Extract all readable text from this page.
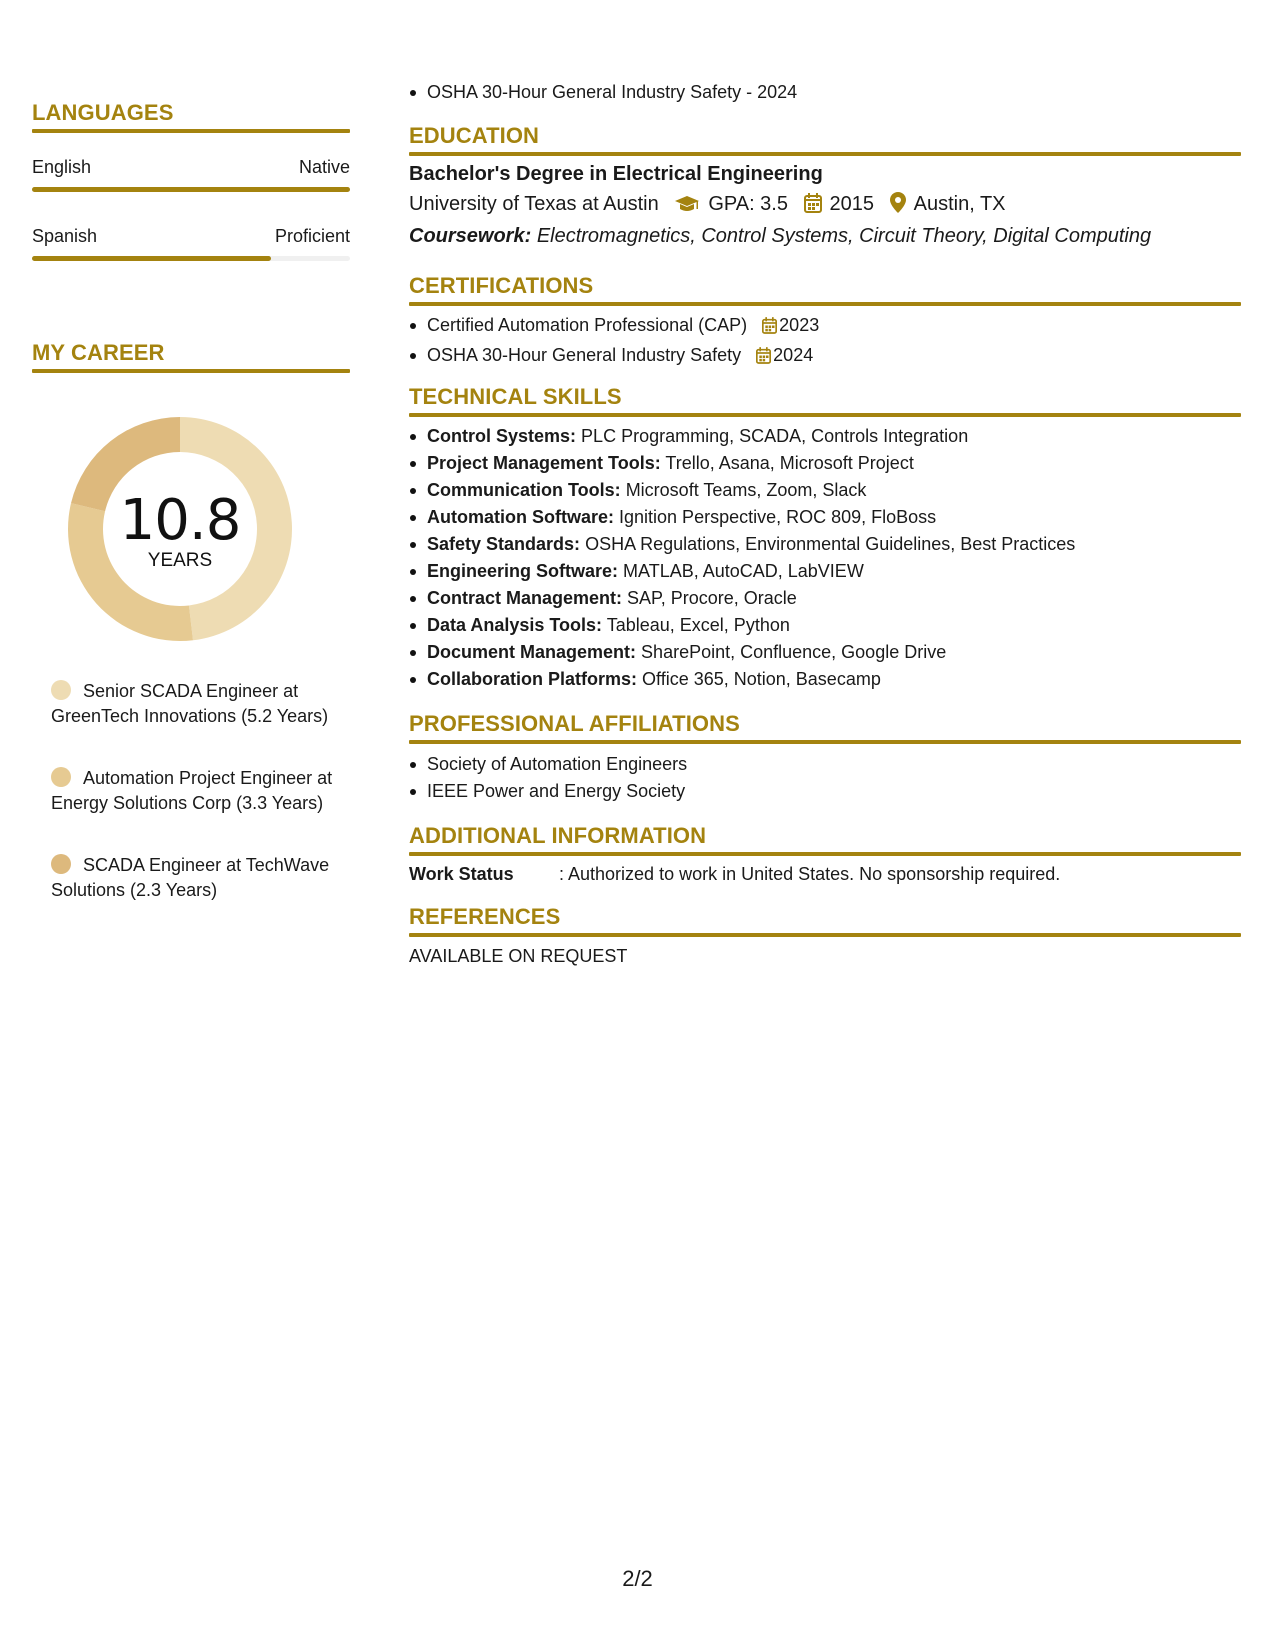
LANGUAGES
English	Native
Spanish	Proficient
MY CAREER
10.8
YEARS
Senior SCADA Engineer at GreenTech Innovations (5.2 Years)
Automation Project Engineer at Energy Solutions Corp (3.3 Years)
SCADA Engineer at TechWave Solutions (2.3 Years)
OSHA 30-Hour General Industry Safety - 2024
EDUCATION
Bachelor's Degree in Electrical Engineering
University of Texas at Austin GPA: 3.5 2015 Austin, TX
Coursework: Electromagnetics, Control Systems, Circuit Theory, Digital Computing
CERTIFICATIONS
Certified Automation Professional (CAP) 2023
OSHA 30-Hour General Industry Safety 2024
TECHNICAL SKILLS
Control Systems: PLC Programming, SCADA, Controls Integration
Project Management Tools: Trello, Asana, Microsoft Project
Communication Tools: Microsoft Teams, Zoom, Slack
Automation Software: Ignition Perspective, ROC 809, FloBoss
Safety Standards: OSHA Regulations, Environmental Guidelines, Best Practices
Engineering Software: MATLAB, AutoCAD, LabVIEW
Contract Management: SAP, Procore, Oracle
Data Analysis Tools: Tableau, Excel, Python
Document Management: SharePoint, Confluence, Google Drive
Collaboration Platforms: Office 365, Notion, Basecamp
PROFESSIONAL AFFILIATIONS
Society of Automation Engineers
IEEE Power and Energy Society
ADDITIONAL INFORMATION
Work Status	: Authorized to work in United States. No sponsorship required.
REFERENCES
AVAILABLE ON REQUEST
2/2
